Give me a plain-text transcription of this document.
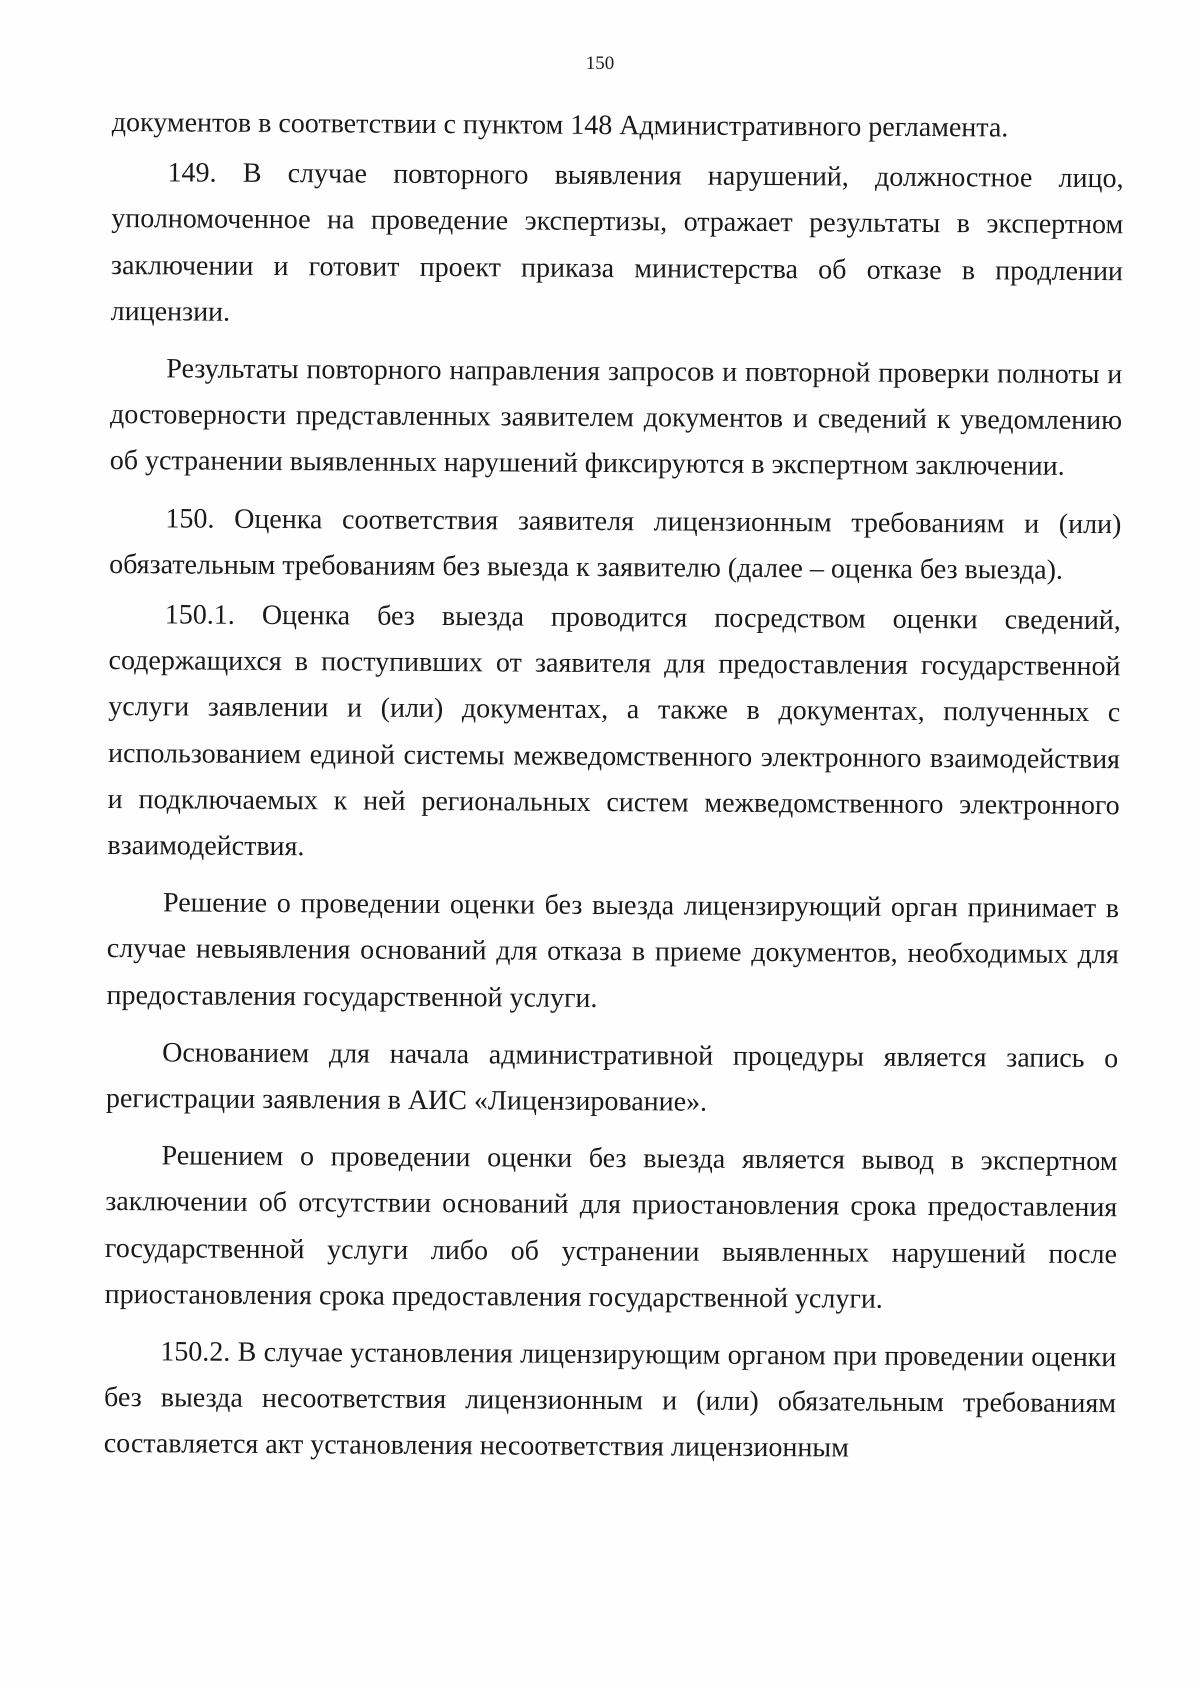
150

документов в соответствии с пунктом 148 Административного регламента.

149. В случае повторного выявления нарушений, должностное лицо, уполномоченное на проведение экспертизы, отражает результаты в экспертном заключении и готовит проект приказа министерства об отказе в продлении лицензии.

Результаты повторного направления запросов и повторной проверки полноты и достоверности представленных заявителем документов и сведений к уведомлению об устранении выявленных нарушений фиксируются в экспертном заключении.

150. Оценка соответствия заявителя лицензионным требованиям и (или) обязательным требованиям без выезда к заявителю (далее – оценка без выезда).

150.1. Оценка без выезда проводится посредством оценки сведений, содержащихся в поступивших от заявителя для предоставления государственной услуги заявлении и (или) документах, а также в документах, полученных с использованием единой системы межведомственного электронного взаимодействия и подключаемых к ней региональных систем межведомственного электронного взаимодействия.

Решение о проведении оценки без выезда лицензирующий орган принимает в случае невыявления оснований для отказа в приеме документов, необходимых для предоставления государственной услуги.

Основанием для начала административной процедуры является запись о регистрации заявления в АИС «Лицензирование».

Решением о проведении оценки без выезда является вывод в экспертном заключении об отсутствии оснований для приостановления срока предоставления государственной услуги либо об устранении выявленных нарушений после приостановления срока предоставления государственной услуги.

150.2. В случае установления лицензирующим органом при проведении оценки без выезда несоответствия лицензионным и (или) обязательным требованиям составляется акт установления несоответствия лицензионным
